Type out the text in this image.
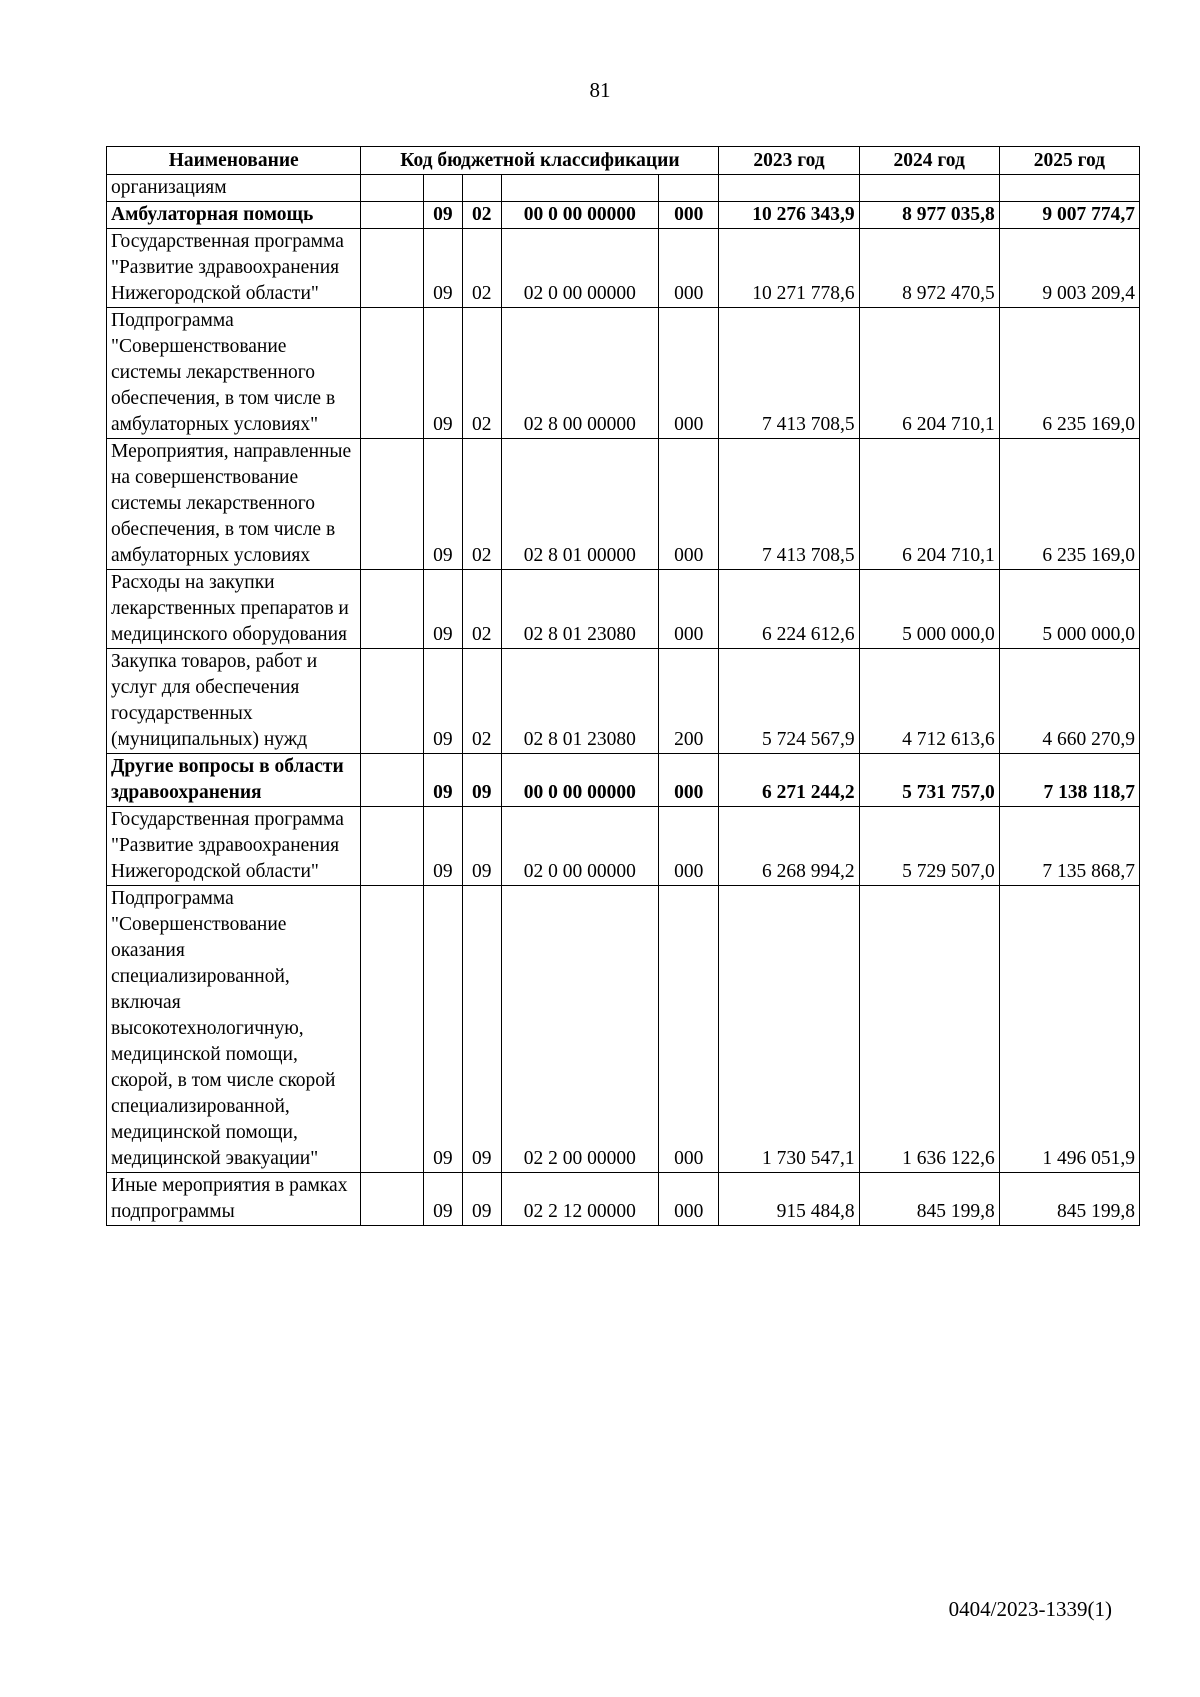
81
Наименование	Код бюджетной классификации					2023 год	2024 год	2025 год
организациям								
Амбулаторная помощь		09	02	00 0 00 00000	000	10 276 343,9	8 977 035,8	9 007 774,7
Государственная программа "Развитие здравоохранения Нижегородской области"		09	02	02 0 00 00000	000	10 271 778,6	8 972 470,5	9 003 209,4
Подпрограмма "Совершенствование системы лекарственного обеспечения, в том числе в амбулаторных условиях"		09	02	02 8 00 00000	000	7 413 708,5	6 204 710,1	6 235 169,0
Мероприятия, направленные на совершенствование системы лекарственного обеспечения, в том числе в амбулаторных условиях		09	02	02 8 01 00000	000	7 413 708,5	6 204 710,1	6 235 169,0
Расходы на закупки лекарственных препаратов и медицинского оборудования		09	02	02 8 01 23080	000	6 224 612,6	5 000 000,0	5 000 000,0
Закупка товаров, работ и услуг для обеспечения государственных (муниципальных) нужд		09	02	02 8 01 23080	200	5 724 567,9	4 712 613,6	4 660 270,9
Другие вопросы в области здравоохранения		09	09	00 0 00 00000	000	6 271 244,2	5 731 757,0	7 138 118,7
Государственная программа "Развитие здравоохранения Нижегородской области"		09	09	02 0 00 00000	000	6 268 994,2	5 729 507,0	7 135 868,7
Подпрограмма "Совершенствование оказания специализированной, включая высокотехнологичную, медицинской помощи, скорой, в том числе скорой специализированной, медицинской помощи, медицинской эвакуации"		09	09	02 2 00 00000	000	1 730 547,1	1 636 122,6	1 496 051,9
Иные мероприятия в рамках подпрограммы		09	09	02 2 12 00000	000	915 484,8	845 199,8	845 199,8
0404/2023-1339(1)
